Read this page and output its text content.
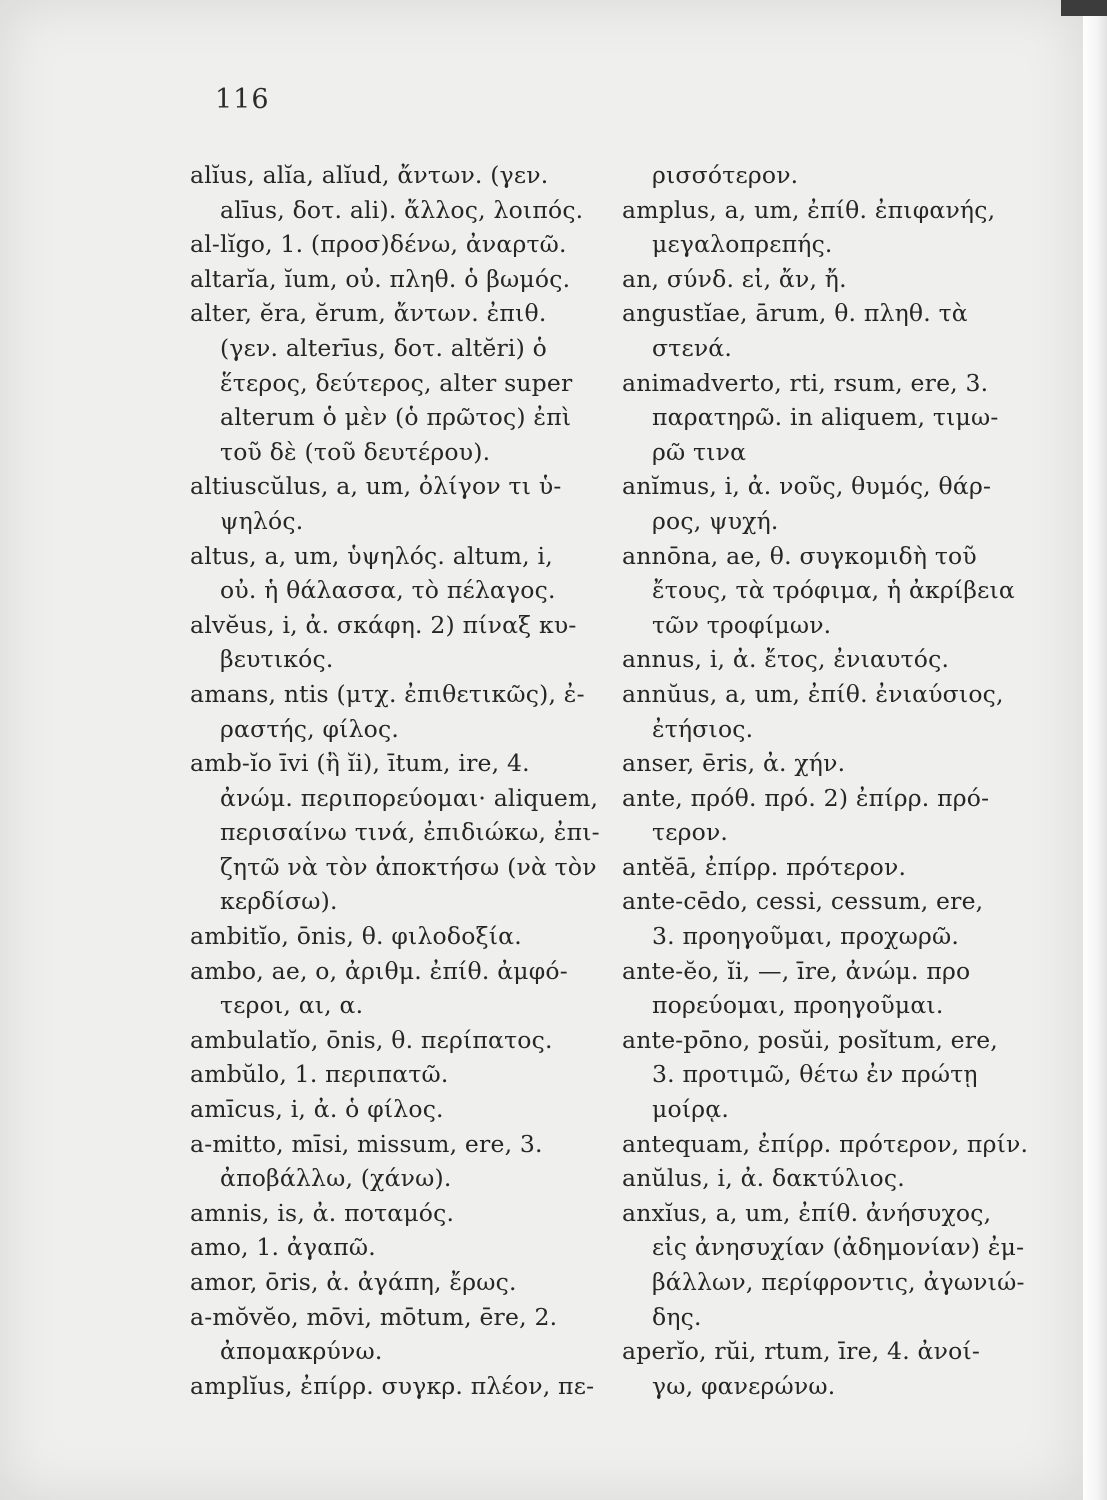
116

alĭus, alĭa, alĭud, ἄντων. (γεν.
alīus, δοτ. ali). ἄλλος, λοιπός.

al-lĭgo, 1. (προσ)δένω, ἀναρτῶ.

altarĭa, ĭum, οὐ. πληθ. ὁ βωμός.

alter, ĕra, ĕrum, ἄντων. ἐπιθ.
(γεν. alterīus, δοτ. altĕri) ὁ
ἕτερος, δεύτερος, alter super
alterum ὁ μὲν (ὁ πρῶτος) ἐπὶ
τοῦ δὲ (τοῦ δευτέρου).

altiuscŭlus, a, um, ὀλίγον τι ὑ-
ψηλός.

altus, a, um, ὑψηλός. altum, i,
οὐ. ἡ θάλασσα, τὸ πέλαγος.

alvĕus, i, ἀ. σκάφη. 2) πίναξ κυ-
βευτικός.

amans, ntis (μτχ. ἐπιθετικῶς), ἐ-
ραστής, φίλος.

amb-ĭo īvi (ἢ ĭi), ītum, ire, 4.
ἀνώμ. περιπορεύομαι· aliquem,
περισαίνω τινά, ἐπιδιώκω, ἐπι-
ζητῶ νὰ τὸν ἀποκτήσω (νὰ τὸν
κερδίσω).

ambitĭo, ōnis, θ. φιλοδοξία.

ambo, ae, o, ἀριθμ. ἐπίθ. ἀμφό-
τεροι, αι, α.

ambulatĭo, ōnis, θ. περίπατος.

ambŭlo, 1. περιπατῶ.

amīcus, i, ἀ. ὁ φίλος.

a-mitto, mīsi, missum, ere, 3.
ἀποβάλλω, (χάνω).

amnis, is, ἀ. ποταμός.

amo, 1. ἀγαπῶ.

amor, ōris, ἀ. ἀγάπη, ἔρως.

a-mŏvĕo, mōvi, mōtum, ēre, 2.
ἀπομακρύνω.

amplĭus, ἐπίρρ. συγκρ. πλέον, πε-

ρισσότερον.

amplus, a, um, ἐπίθ. ἐπιφανής,
μεγαλοπρεπής.

an, σύνδ. εἰ, ἄν, ἤ.

angustĭae, ārum, θ. πληθ. τὰ
στενά.

animadverto, rti, rsum, ere, 3.
παρατηρῶ. in aliquem, τιμω-
ρῶ τινα

anĭmus, i, ἀ. νοῦς, θυμός, θάρ-
ρος, ψυχή.

annōna, ae, θ. συγκομιδὴ τοῦ
ἔτους, τὰ τρόφιμα, ἡ ἀκρίβεια
τῶν τροφίμων.

annus, i, ἀ. ἔτος, ἐνιαυτός.

annŭus, a, um, ἐπίθ. ἐνιαύσιος,
ἐτήσιος.

anser, ēris, ἀ. χήν.

ante, πρόθ. πρό. 2) ἐπίρρ. πρό-
τερον.

antĕā, ἐπίρρ. πρότερον.

ante-cēdo, cessi, cessum, ere,
3. προηγοῦμαι, προχωρῶ.

ante-ĕo, ĭi, —, īre, ἀνώμ. προ
πορεύομαι, προηγοῦμαι.

ante-pōno, posŭi, posĭtum, ere,
3. προτιμῶ, θέτω ἐν πρώτῃ
μοίρᾳ.

antequam, ἐπίρρ. πρότερον, πρίν.

anŭlus, i, ἀ. δακτύλιος.

anxĭus, a, um, ἐπίθ. ἀνήσυχος,
εἰς ἀνησυχίαν (ἀδημονίαν) ἐμ-
βάλλων, περίφροντις, ἀγωνιώ-
δης.

aperĭo, rŭi, rtum, īre, 4. ἀνοί-
γω, φανερώνω.
